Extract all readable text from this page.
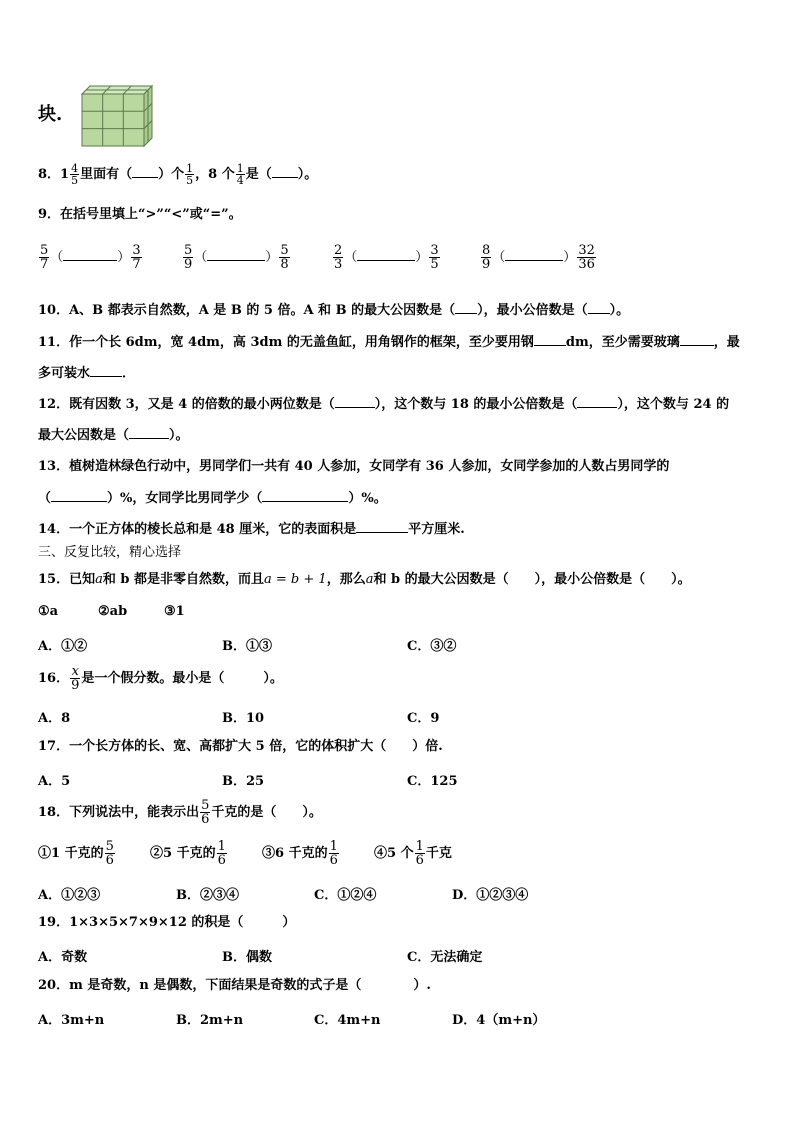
块.
8．$1 \frac{4}{5}$ 里面有（ ）个 $\frac{1}{5}$ ，8 个 $\frac{1}{4}$ 是（ ）。
9．在括号里填上“>”“<”或“=”。
$\frac{5}{7}$ （	） $\frac{3}{7}$	$\frac{5}{9}$ （	） $\frac{5}{8}$	$\frac{2}{3}$ （	） $\frac{3}{5}$	$\frac{8}{9}$ （	） $\frac{32}{36}$
10．A、B 都表示自然数，A 是 B 的 5 倍。A 和 B 的最大公因数是（ ），最小公倍数是（ ）。
11．作一个长 6dm，宽 4dm，高 3dm 的无盖鱼缸，用角钢作的框架，至少要用钢 dm，至少需要玻璃	，最
多可装水 ．
12．既有因数 3，又是 4 的倍数的最小两位数是（	），这个数与 18 的最小公倍数是（	），这个数与 24 的
最大公因数是（	）。
13．植树造林绿色行动中，男同学们一共有 40 人参加，女同学有 36 人参加，女同学参加的人数占男同学的
（	）%，女同学比男同学少（	）%。
14．一个正方体的棱长总和是 48 厘米，它的表面积是	平方厘米.
三、反复比较，精心选择
15．已知a和 b 都是非零自然数，而且a = b + 1，那么a和 b 的最大公因数是（　　），最小公倍数是（　　）。
①a	②ab	③1
A．①②	B．①③	C．③②
16． $\frac{x}{9}$ 是一个假分数。最小是（　　　）。
A．8	B．10	C．9
17．一个长方体的长、宽、高都扩大 5 倍，它的体积扩大（　　）倍.
A．5	B．25	C．125
18．下列说法中，能表示出 $\frac{5}{6}$ 千克的是（　　）。
①1 千克的 $\frac{5}{6}$	②5 千克的 $\frac{1}{6}$	③6 千克的 $\frac{1}{6}$	④5 个 $\frac{1}{6}$ 千克
A．①②③	B．②③④	C．①②④	D．①②③④
19．1×3×5×7×9×12 的积是（　　　）
A．奇数	B．偶数	C．无法确定
20．m 是奇数，n 是偶数，下面结果是奇数的式子是（　　　　）.
A．3m+n	B．2m+n	C．4m+n	D．4（m+n）
